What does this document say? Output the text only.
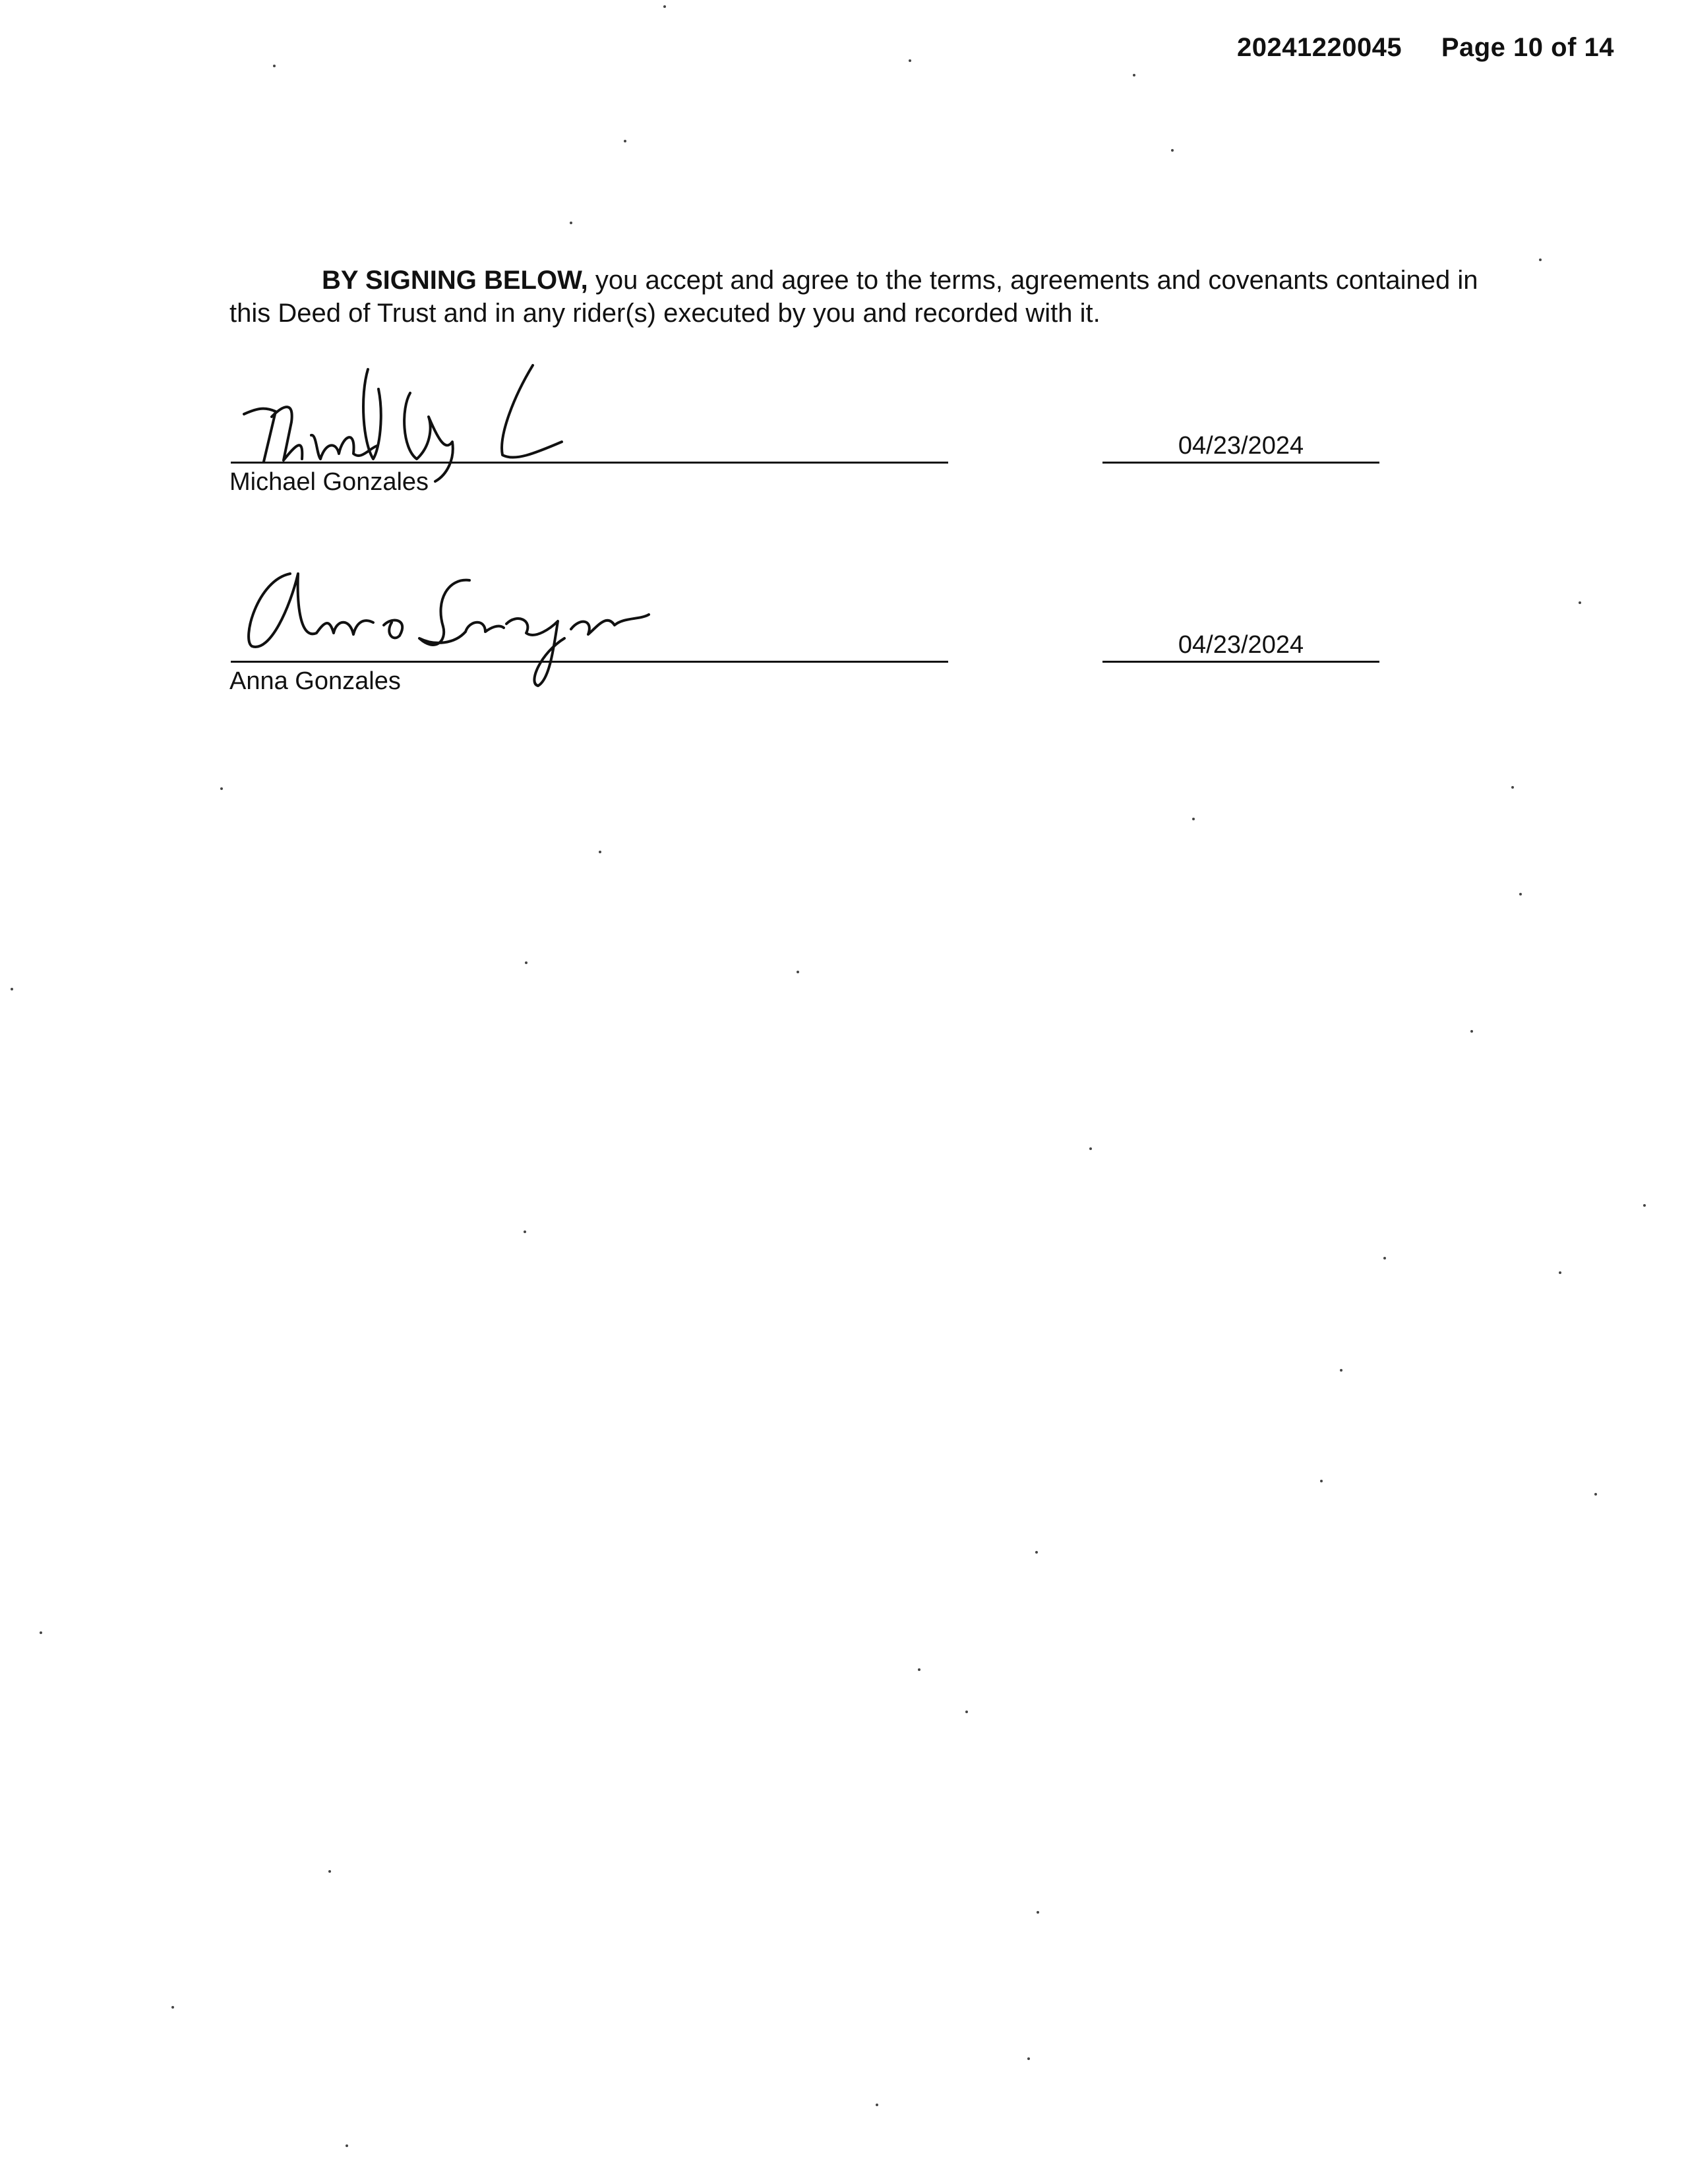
20241220045 Page 10 of 14
BY SIGNING BELOW, you accept and agree to the terms, agreements and covenants contained in this Deed of Trust and in any rider(s) executed by you and recorded with it.
Michael Gonzales
04/23/2024
Anna Gonzales
04/23/2024
